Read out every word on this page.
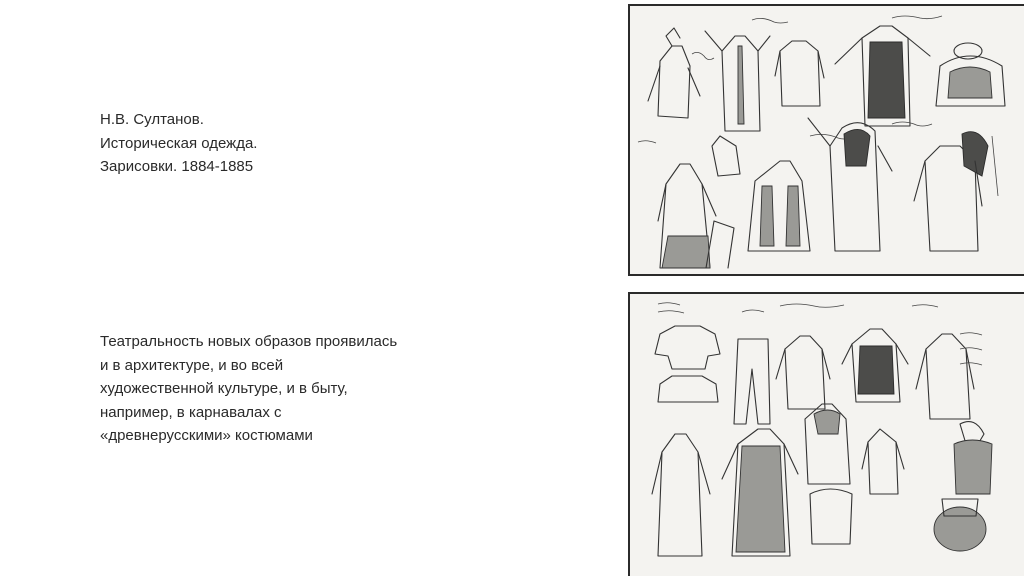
Н.В. Султанов.
Историческая одежда.
Зарисовки. 1884-1885
Театральность новых образов проявилась
и в архитектуре, и во всей
художественной культуре, и в быту,
например, в карнавалах с
«древнерусскими» костюмами
